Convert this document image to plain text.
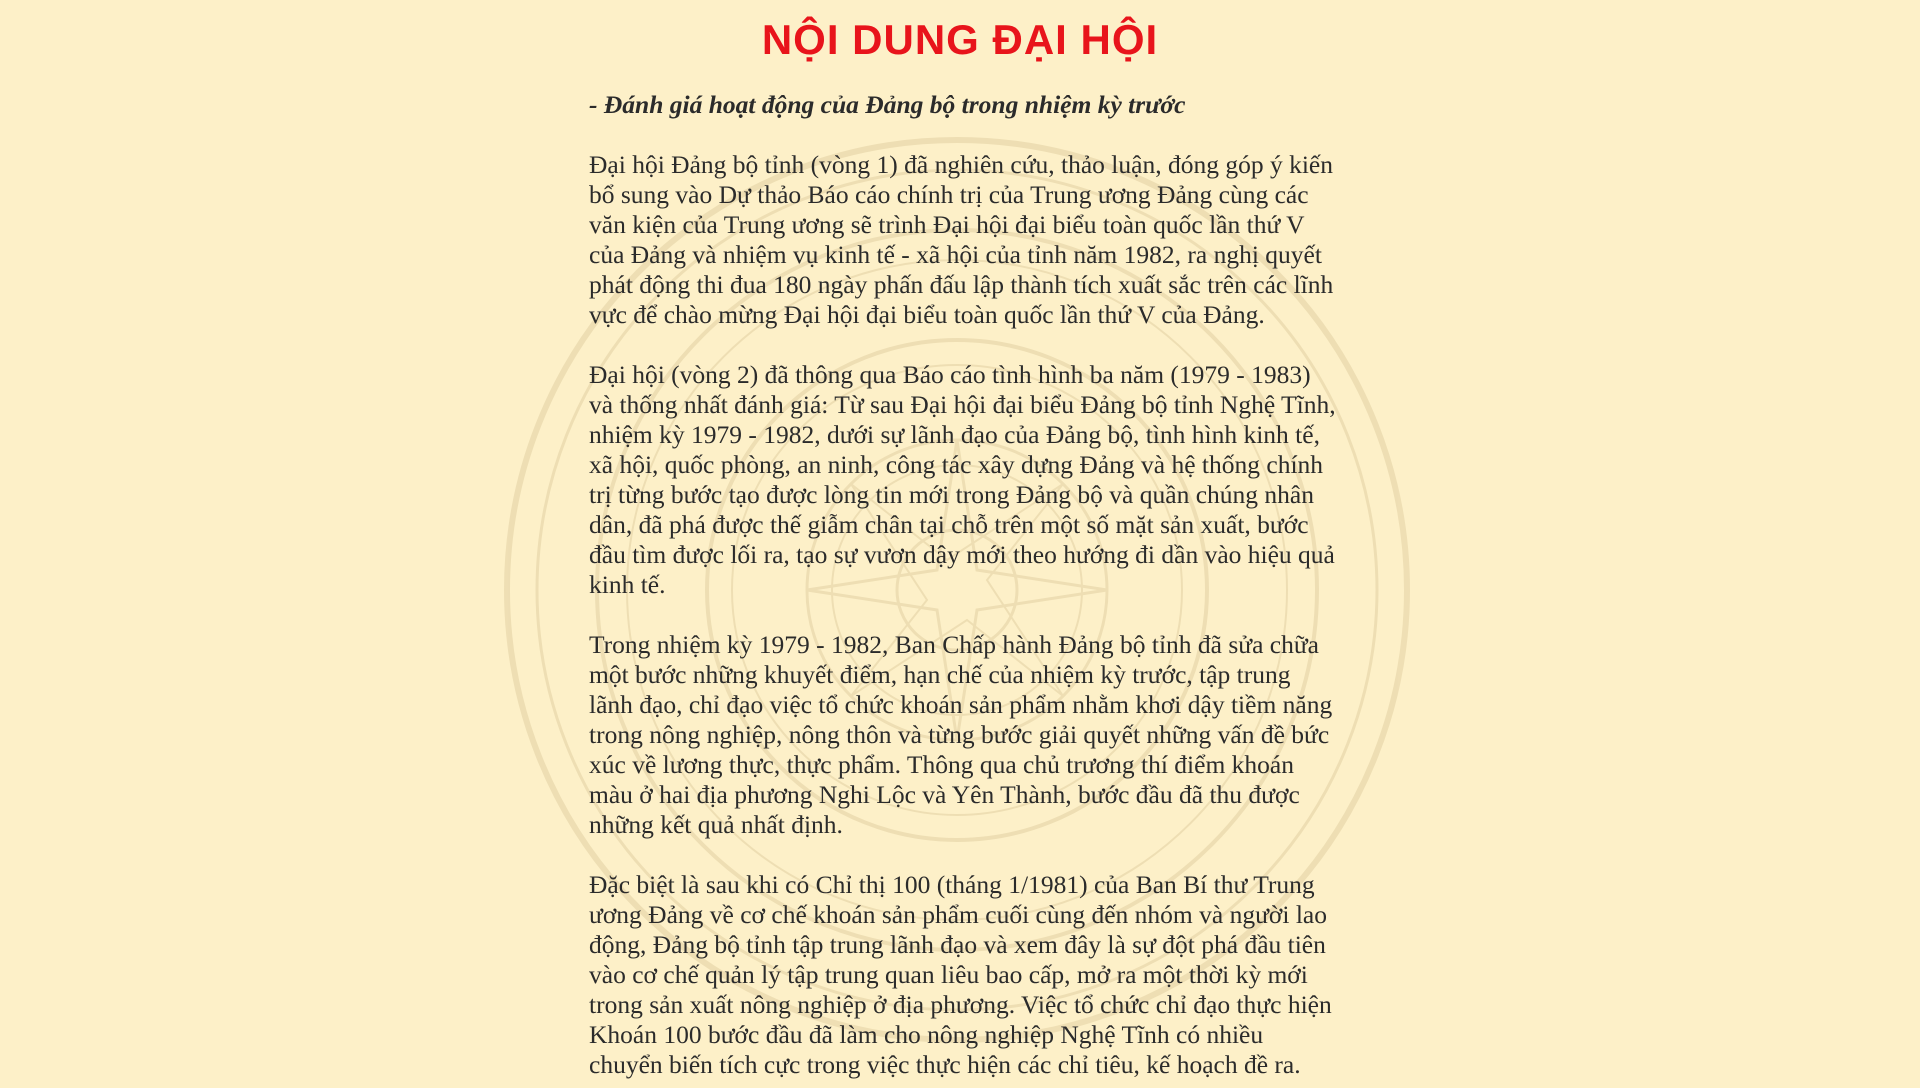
NỘI DUNG ĐẠI HỘI

- Đánh giá hoạt động của Đảng bộ trong nhiệm kỳ trước

Đại hội Đảng bộ tỉnh (vòng 1) đã nghiên cứu, thảo luận, đóng góp ý kiến bổ sung vào Dự thảo Báo cáo chính trị của Trung ương Đảng cùng các văn kiện của Trung ương sẽ trình Đại hội đại biểu toàn quốc lần thứ V của Đảng và nhiệm vụ kinh tế - xã hội của tỉnh năm 1982, ra nghị quyết phát động thi đua 180 ngày phấn đấu lập thành tích xuất sắc trên các lĩnh vực để chào mừng Đại hội đại biểu toàn quốc lần thứ V của Đảng.

Đại hội (vòng 2) đã thông qua Báo cáo tình hình ba năm (1979 - 1983) và thống nhất đánh giá: Từ sau Đại hội đại biểu Đảng bộ tỉnh Nghệ Tĩnh, nhiệm kỳ 1979 - 1982, dưới sự lãnh đạo của Đảng bộ, tình hình kinh tế, xã hội, quốc phòng, an ninh, công tác xây dựng Đảng và hệ thống chính trị từng bước tạo được lòng tin mới trong Đảng bộ và quần chúng nhân dân, đã phá được thế giẫm chân tại chỗ trên một số mặt sản xuất, bước đầu tìm được lối ra, tạo sự vươn dậy mới theo hướng đi dần vào hiệu quả kinh tế.

Trong nhiệm kỳ 1979 - 1982, Ban Chấp hành Đảng bộ tỉnh đã sửa chữa một bước những khuyết điểm, hạn chế của nhiệm kỳ trước, tập trung lãnh đạo, chỉ đạo việc tổ chức khoán sản phẩm nhằm khơi dậy tiềm năng trong nông nghiệp, nông thôn và từng bước giải quyết những vấn đề bức xúc về lương thực, thực phẩm. Thông qua chủ trương thí điểm khoán màu ở hai địa phương Nghi Lộc và Yên Thành, bước đầu đã thu được những kết quả nhất định.

Đặc biệt là sau khi có Chỉ thị 100 (tháng 1/1981) của Ban Bí thư Trung ương Đảng về cơ chế khoán sản phẩm cuối cùng đến nhóm và người lao động, Đảng bộ tỉnh tập trung lãnh đạo và xem đây là sự đột phá đầu tiên vào cơ chế quản lý tập trung quan liêu bao cấp, mở ra một thời kỳ mới trong sản xuất nông nghiệp ở địa phương. Việc tổ chức chỉ đạo thực hiện Khoán 100 bước đầu đã làm cho nông nghiệp Nghệ Tĩnh có nhiều chuyển biến tích cực trong việc thực hiện các chỉ tiêu, kế hoạch đề ra.
